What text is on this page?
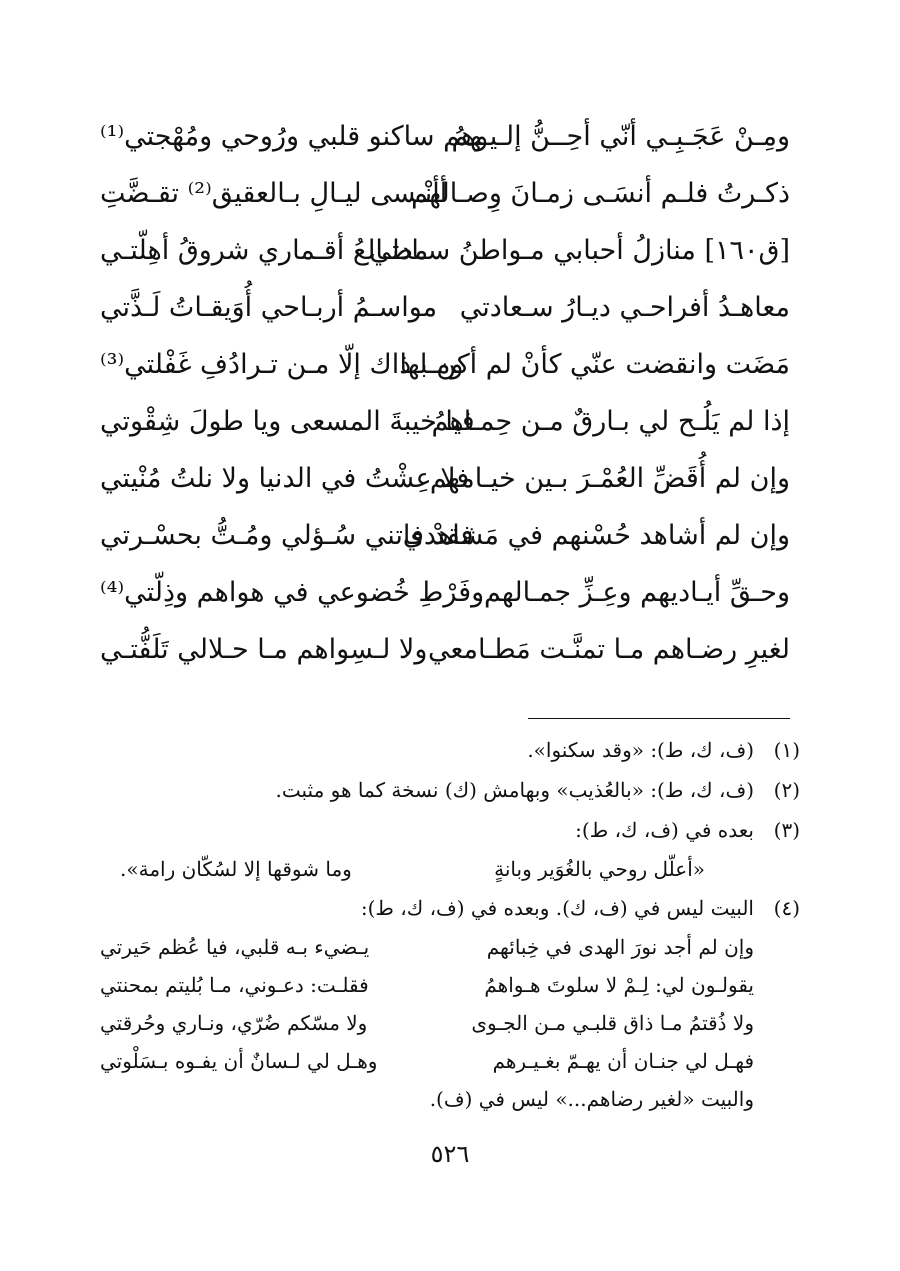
ومِـنْ عَجَـبِـي أنّي أحِــنُّ إلـيـهمُ
وهم ساكنو قلبي ورُوحي ومُهْجتي⁽¹⁾
ذكـرتُ فلـم أنسَـى زمـانَ وِصـالهم
أأنْـسى ليـالِ بـالعقيق⁽²⁾ تقـضَّتِ
[ق١٦٠] منازلُ أحبابي مـواطنُ سـادتي
مطـالعُ أقـماري شروقُ أهِلّتـي
معاهـدُ أفراحـي ديـارُ سـعادتي
مواسـمُ أربـاحي أُوَيقـاتُ لَـذَّتي
مَضَت وانقضت عنّي كأنْ لم أكن بها
ومـا ذاك إلّا مـن تـرادُفِ غَفْلتي⁽³⁾
إذا لم يَلُـح لي بـارقٌ مـن حِمـاهمُ
فيا خيبةَ المسعى ويا طولَ شِقْوتي
وإن لم أُقَضِّ العُمْـرَ بـين خيـامهم
فلا عِشْتُ في الدنيا ولا نلتُ مُنْيتي
وإن لم أشاهد حُسْنهم في مَشاهدي
فقدْ فاتني سُـؤلي ومُـتُّ بحسْـرتي
وحـقِّ أيـاديهم وعِـزِّ جمـالهم
وفَرْطِ خُضوعي في هواهم وذِلّتي⁽⁴⁾
لغيرِ رضـاهم مـا تمنَّـت مَطـامعي
ولا لـسِواهم مـا حـلالي تَلَفُّتـي
(١)
(ف، ك، ط): «وقد سكنوا».
(٢)
(ف، ك، ط): «بالعُذيب» وبهامش (ك) نسخة كما هو مثبت.
(٣)
بعده في (ف، ك، ط):
«أعلّل روحي بالغُوَير وبانةٍ
وما شوقها إلا لسُكّان رامة».
(٤)
البيت ليس في (ف، ك). وبعده في (ف، ك، ط):
وإن لم أجد نورَ الهدى في خِبائهم
يـضيء بـه قلبي، فيا عُظم حَيرتي
يقولـون لي: لِـمْ لا سلوتَ هـواهمُ
فقلـت: دعـوني، مـا بُليتم بمحنتي
ولا ذُقتمُ مـا ذاق قلبـي مـن الجـوى
ولا مسّكم ضُرّي، ونـاري وحُرقتي
فهـل لي جنـان أن يهـمّ بغـيـرهم
وهـل لي لـسانٌ أن يفـوه بـسَلْوتي
والبيت «لغير رضاهم...» ليس في (ف).
٥٢٦
